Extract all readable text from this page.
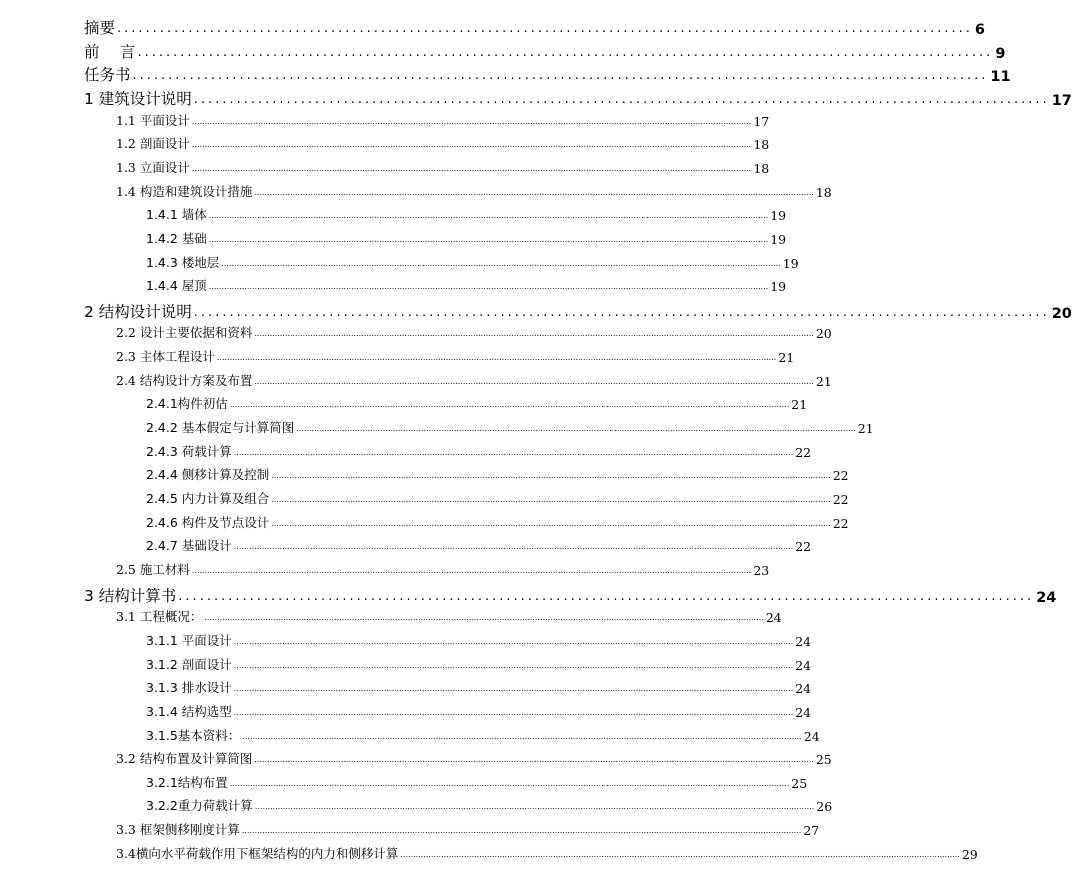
摘要 ........................................................................................................................ 6
前　 言 ........................................................................................................................ 9
任务书 ........................................................................................................................ 11
1 建筑设计说明 ........................................................................................................................ 17
1.1 平面设计 ............................................................................................................................................................................................................................ 17
1.2 剖面设计 ............................................................................................................................................................................................................................ 18
1.3 立面设计 ............................................................................................................................................................................................................................ 18
1.4 构造和建筑设计措施 ............................................................................................................................................................................................................................ 18
1.4.1 墙体 ............................................................................................................................................................................................................................ 19
1.4.2 基础 ............................................................................................................................................................................................................................ 19
1.4.3 楼地层 ............................................................................................................................................................................................................................ 19
1.4.4 屋顶 ............................................................................................................................................................................................................................ 19
2 结构设计说明 ........................................................................................................................ 20
2.2 设计主要依据和资料 ............................................................................................................................................................................................................................ 20
2.3 主体工程设计 ............................................................................................................................................................................................................................ 21
2.4 结构设计方案及布置 ............................................................................................................................................................................................................................ 21
2.4.1构件初估 ............................................................................................................................................................................................................................ 21
2.4.2 基本假定与计算简图 ............................................................................................................................................................................................................................ 21
2.4.3 荷载计算 ............................................................................................................................................................................................................................ 22
2.4.4 侧移计算及控制 ............................................................................................................................................................................................................................ 22
2.4.5 内力计算及组合 ............................................................................................................................................................................................................................ 22
2.4.6 构件及节点设计 ............................................................................................................................................................................................................................ 22
2.4.7 基础设计 ............................................................................................................................................................................................................................ 22
2.5 施工材料 ............................................................................................................................................................................................................................ 23
3 结构计算书 ........................................................................................................................ 24
3.1 工程概况： ............................................................................................................................................................................................................................ 24
3.1.1 平面设计 ............................................................................................................................................................................................................................ 24
3.1.2 剖面设计 ............................................................................................................................................................................................................................ 24
3.1.3 排水设计 ............................................................................................................................................................................................................................ 24
3.1.4 结构选型 ............................................................................................................................................................................................................................ 24
3.1.5基本资料： ............................................................................................................................................................................................................................ 24
3.2 结构布置及计算简图 ............................................................................................................................................................................................................................ 25
3.2.1结构布置 ............................................................................................................................................................................................................................ 25
3.2.2重力荷载计算 ............................................................................................................................................................................................................................ 26
3.3 框架侧移刚度计算 ............................................................................................................................................................................................................................ 27
3.4横向水平荷载作用下框架结构的内力和侧移计算 ............................................................................................................................................................................................................................ 29
